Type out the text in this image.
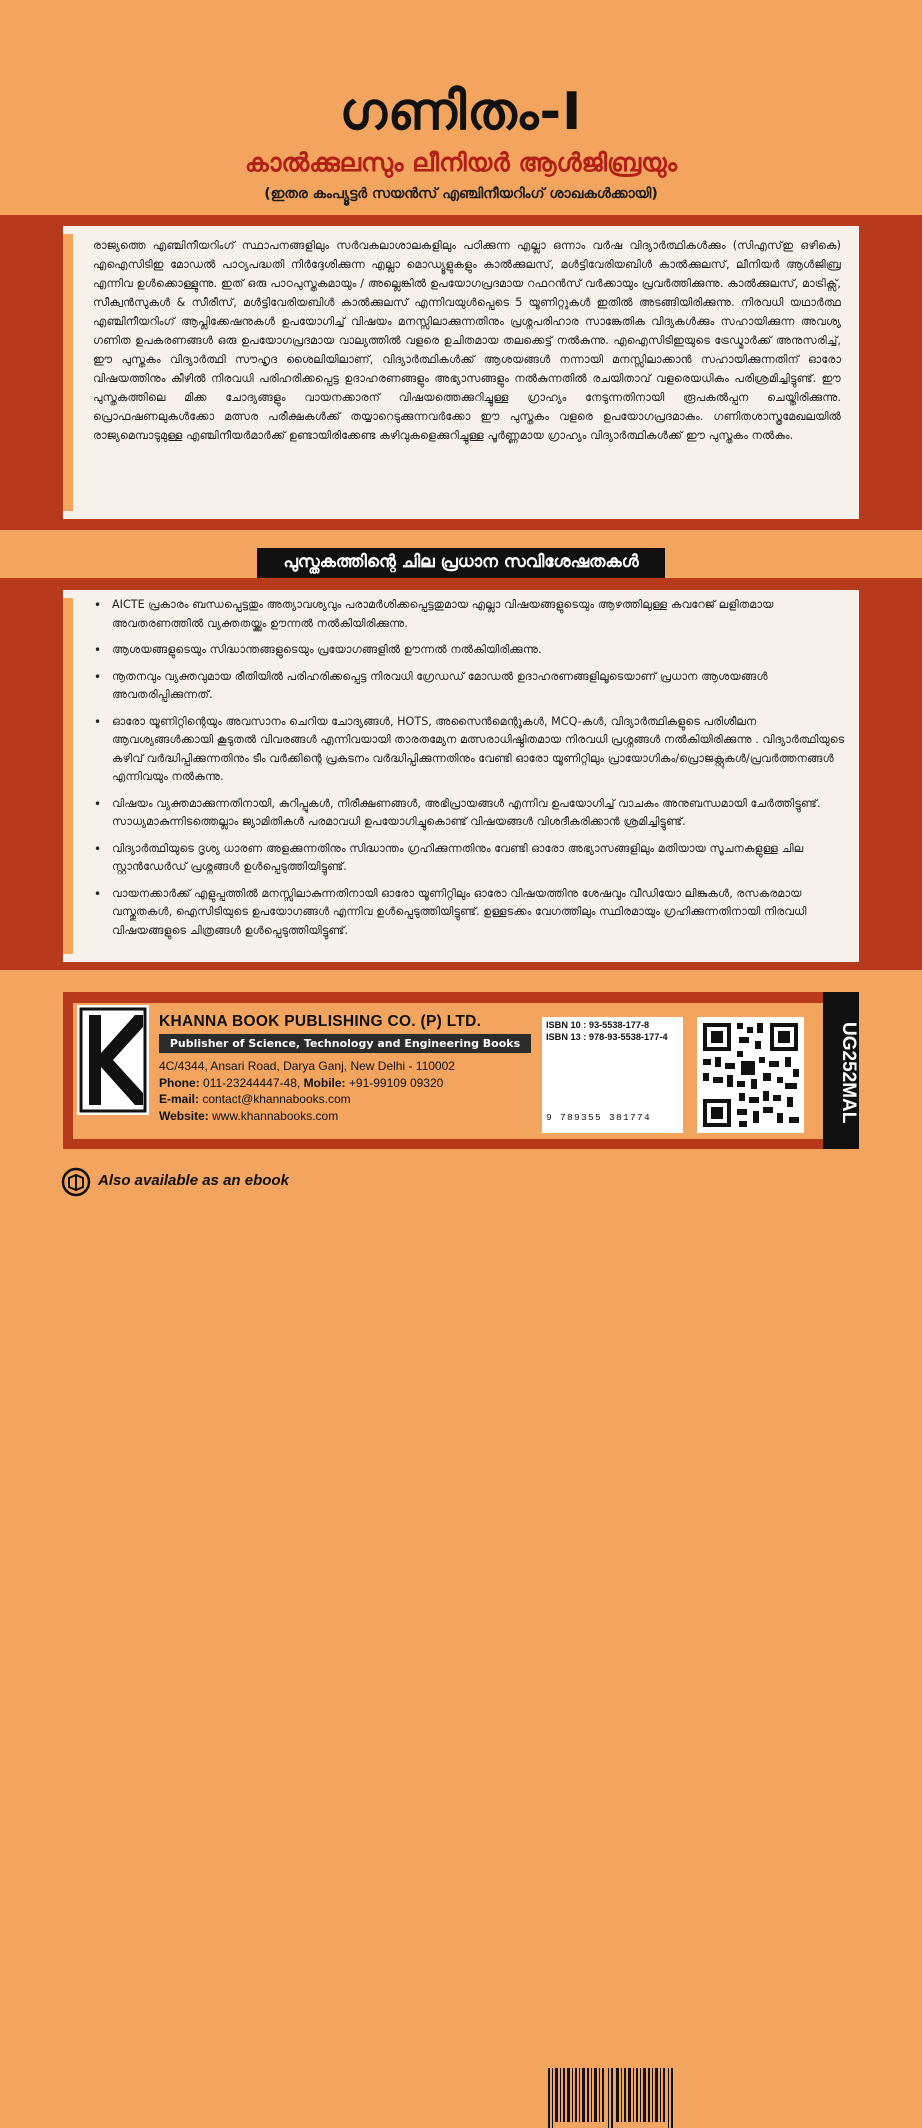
ഗണിതം-I
കാൽക്കുലസും ലീനിയർ ആൾജിബ്രയും
(ഇതര കംപ്യൂട്ടർ സയൻസ് എഞ്ചിനീയറിംഗ് ശാഖകൾക്കായി)

രാജ്യത്തെ എഞ്ചിനീയറിംഗ് സ്ഥാപനങ്ങളിലും സർവകലാശാലകളിലും പഠിക്കുന്ന എല്ലാ ഒന്നാം വർഷ വിദ്യാർത്ഥികൾക്കും (സിഎസ്ഇ ഒഴികെ) എഐസിടിഇ മോഡൽ പാഠ്യപദ്ധതി നിർദ്ദേശിക്കുന്ന എല്ലാ മൊഡ്യൂളുകളും കാൽക്കുലസ്, മൾട്ടിവേരിയബിൾ കാൽക്കുലസ്, ലീനിയർ ആൾജിബ്ര എന്നിവ ഉൾക്കൊള്ളുന്നു. ഇത് ഒരു പാഠപുസ്തകമായും / അല്ലെങ്കിൽ ഉപയോഗപ്രദമായ റഫറൻസ് വർക്കായും പ്രവർത്തിക്കുന്നു. കാൽക്കുലസ്, മാട്രിക്സ്, സീക്വൻസുകൾ & സീരീസ്, മൾട്ടിവേരിയബിൾ കാൽക്കുലസ് എന്നിവയുൾപ്പെടെ 5 യൂണിറ്റുകൾ ഇതിൽ അടങ്ങിയിരിക്കുന്നു. നിരവധി യഥാർത്ഥ എഞ്ചിനീയറിംഗ് ആപ്ലിക്കേഷനുകൾ ഉപയോഗിച്ച് വിഷയം മനസ്സിലാക്കുന്നതിനും പ്രശ്നപരിഹാര സാങ്കേതിക വിദ്യകൾക്കും സഹായിക്കുന്ന അവശ്യ ഗണിത ഉപകരണങ്ങൾ ഒരു ഉപയോഗപ്രദമായ വാല്യത്തിൽ വളരെ ഉചിതമായ തലക്കെട്ട് നൽകുന്നു. എഐസിടിഇയുടെ ട്രേഡ്മാർക്ക് അനുസരിച്ച്, ഈ പുസ്തകം വിദ്യാർത്ഥി സൗഹൃദ ശൈലിയിലാണ്, വിദ്യാർത്ഥികൾക്ക് ആശയങ്ങൾ നന്നായി മനസ്സിലാക്കാൻ സഹായിക്കുന്നതിന് ഓരോ വിഷയത്തിനും കീഴിൽ നിരവധി പരിഹരിക്കപ്പെട്ട ഉദാഹരണങ്ങളും അഭ്യാസങ്ങളും നൽകുന്നതിൽ രചയിതാവ് വളരെയധികം പരിശ്രമിച്ചിട്ടുണ്ട്. ഈ പുസ്തകത്തിലെ മിക്ക ചോദ്യങ്ങളും വായനക്കാരന് വിഷയത്തെക്കുറിച്ചുള്ള ഗ്രാഹ്യം നേടുന്നതിനായി രൂപകൽപ്പന ചെയ്തിരിക്കുന്നു. പ്രൊഫഷണലുകൾക്കോ മത്സര പരീക്ഷകൾക്ക് തയ്യാറെടുക്കുന്നവർക്കോ ഈ പുസ്തകം വളരെ ഉപയോഗപ്രദമാകും. ഗണിതശാസ്ത്രമേഖലയിൽ രാജ്യമെമ്പാടുമുള്ള എഞ്ചിനീയർമാർക്ക് ഉണ്ടായിരിക്കേണ്ട കഴിവുകളെക്കുറിച്ചുള്ള പൂർണ്ണമായ ഗ്രാഹ്യം വിദ്യാർത്ഥികൾക്ക് ഈ പുസ്തകം നൽകും.

പുസ്തകത്തിന്റെ ചില പ്രധാന സവിശേഷതകൾ
• AICTE പ്രകാരം ബന്ധപ്പെട്ടതും അത്യാവശ്യവും പരാമർശിക്കപ്പെട്ടതുമായ എല്ലാ വിഷയങ്ങളുടെയും ആഴത്തിലുള്ള കവറേജ് ലളിതമായ അവതരണത്തിൽ വ്യക്തതയ്ക്കും ഊന്നൽ നൽകിയിരിക്കുന്നു.
• ആശയങ്ങളുടെയും സിദ്ധാന്തങ്ങളുടെയും പ്രയോഗങ്ങളിൽ ഊന്നൽ നൽകിയിരിക്കുന്നു.
• നൂതനവും വ്യക്തവുമായ രീതിയിൽ പരിഹരിക്കപ്പെട്ട നിരവധി ഗ്രേഡഡ് മോഡൽ ഉദാഹരണങ്ങളിലൂടെയാണ് പ്രധാന ആശയങ്ങൾ അവതരിപ്പിക്കുന്നത്.
• ഓരോ യൂണിറ്റിന്റെയും അവസാനം ചെറിയ ചോദ്യങ്ങൾ, HOTS, അസൈൻമെന്റുകൾ, MCQ-കൾ, വിദ്യാർത്ഥികളുടെ പരിശീലന ആവശ്യങ്ങൾക്കായി കൂടുതൽ വിവരങ്ങൾ എന്നിവയായി താരതമ്യേന മത്സരാധിഷ്ഠിതമായ നിരവധി പ്രശ്നങ്ങൾ നൽകിയിരിക്കുന്നു . വിദ്യാർത്ഥിയുടെ കഴിവ് വർദ്ധിപ്പിക്കുന്നതിനും ടീം വർക്കിന്റെ പ്രകടനം വർദ്ധിപ്പിക്കുന്നതിനും വേണ്ടി ഓരോ യൂണിറ്റിലും പ്രായോഗികം/പ്രൊജക്റ്റുകൾ/പ്രവർത്തനങ്ങൾ എന്നിവയും നൽകുന്നു.
• വിഷയം വ്യക്തമാക്കുന്നതിനായി, കുറിപ്പുകൾ, നിരീക്ഷണങ്ങൾ, അഭിപ്രായങ്ങൾ എന്നിവ ഉപയോഗിച്ച് വാചകം അനുബന്ധമായി ചേർത്തിട്ടുണ്ട്. സാധ്യമാകുന്നിടത്തെല്ലാം ജ്യാമിതികൾ പരമാവധി ഉപയോഗിച്ചുകൊണ്ട് വിഷയങ്ങൾ വിശദീകരിക്കാൻ ശ്രമിച്ചിട്ടുണ്ട്.
• വിദ്യാർത്ഥിയുടെ ദൃശ്യ ധാരണ അളക്കുന്നതിനും സിദ്ധാന്തം ഗ്രഹിക്കുന്നതിനും വേണ്ടി ഓരോ അഭ്യാസങ്ങളിലും മതിയായ സൂചനകളുള്ള ചില സ്റ്റാൻഡേർഡ് പ്രശ്നങ്ങൾ ഉൾപ്പെടുത്തിയിട്ടുണ്ട്.
• വായനക്കാർക്ക് എളുപ്പത്തിൽ മനസ്സിലാകുന്നതിനായി ഓരോ യൂണിറ്റിലും ഓരോ വിഷയത്തിനു ശേഷവും വീഡിയോ ലിങ്കുകൾ, രസകരമായ വസ്തുതകൾ, ഐസിടിയുടെ ഉപയോഗങ്ങൾ എന്നിവ ഉൾപ്പെടുത്തിയിട്ടുണ്ട്. ഉള്ളടക്കം വേഗത്തിലും സ്ഥിരമായും ഗ്രഹിക്കുന്നതിനായി നിരവധി വിഷയങ്ങളുടെ ചിത്രങ്ങൾ ഉൾപ്പെടുത്തിയിട്ടുണ്ട്.
KHANNA BOOK PUBLISHING CO. (P) LTD.
Publisher of Science, Technology and Engineering Books
4C/4344, Ansari Road, Darya Ganj, New Delhi - 110002
Phone: 011-23244447-48, Mobile: +91-99109 09320
E-mail: contact@khannabooks.com
Website: www.khannabooks.com
ISBN 10 : 93-5538-177-8
ISBN 13 : 978-93-5538-177-4
9 789355 381774	UG252MAL
Also available as an ebook
